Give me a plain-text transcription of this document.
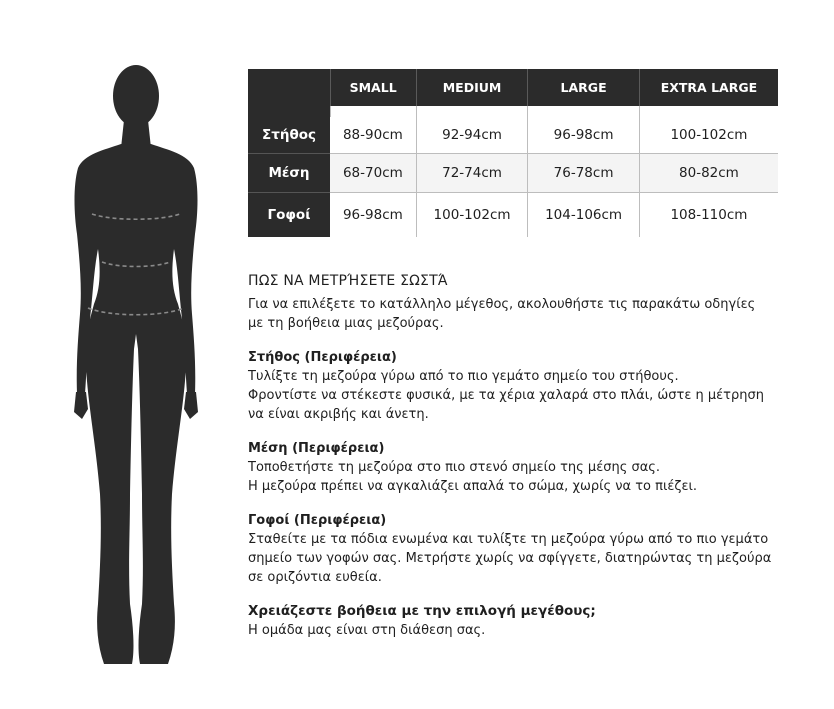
	SMALL	MEDIUM	LARGE	EXTRA LARGE

Στήθος	88-90cm	92-94cm	96-98cm	100-102cm
Μέση	68-70cm	72-74cm	76-78cm	80-82cm
Γοφοί	96-98cm	100-102cm	104-106cm	108-110cm

ΠΩΣ ΝΑ ΜΕΤΡΉΣΕΤΕ ΣΩΣΤΆ

Για να επιλέξετε το κατάλληλο μέγεθος, ακολουθήστε τις παρακάτω οδηγίες

με τη βοήθεια μιας μεζούρας.

Στήθος (Περιφέρεια)

Τυλίξτε τη μεζούρα γύρω από το πιο γεμάτο σημείο του στήθους.

Φροντίστε να στέκεστε φυσικά, με τα χέρια χαλαρά στο πλάι, ώστε η μέτρηση

να είναι ακριβής και άνετη.

Μέση (Περιφέρεια)

Τοποθετήστε τη μεζούρα στο πιο στενό σημείο της μέσης σας.

Η μεζούρα πρέπει να αγκαλιάζει απαλά το σώμα, χωρίς να το πιέζει.

Γοφοί (Περιφέρεια)

Σταθείτε με τα πόδια ενωμένα και τυλίξτε τη μεζούρα γύρω από το πιο γεμάτο

σημείο των γοφών σας. Μετρήστε χωρίς να σφίγγετε, διατηρώντας τη μεζούρα

σε οριζόντια ευθεία.

Χρειάζεστε βοήθεια με την επιλογή μεγέθους;

Η ομάδα μας είναι στη διάθεση σας.
